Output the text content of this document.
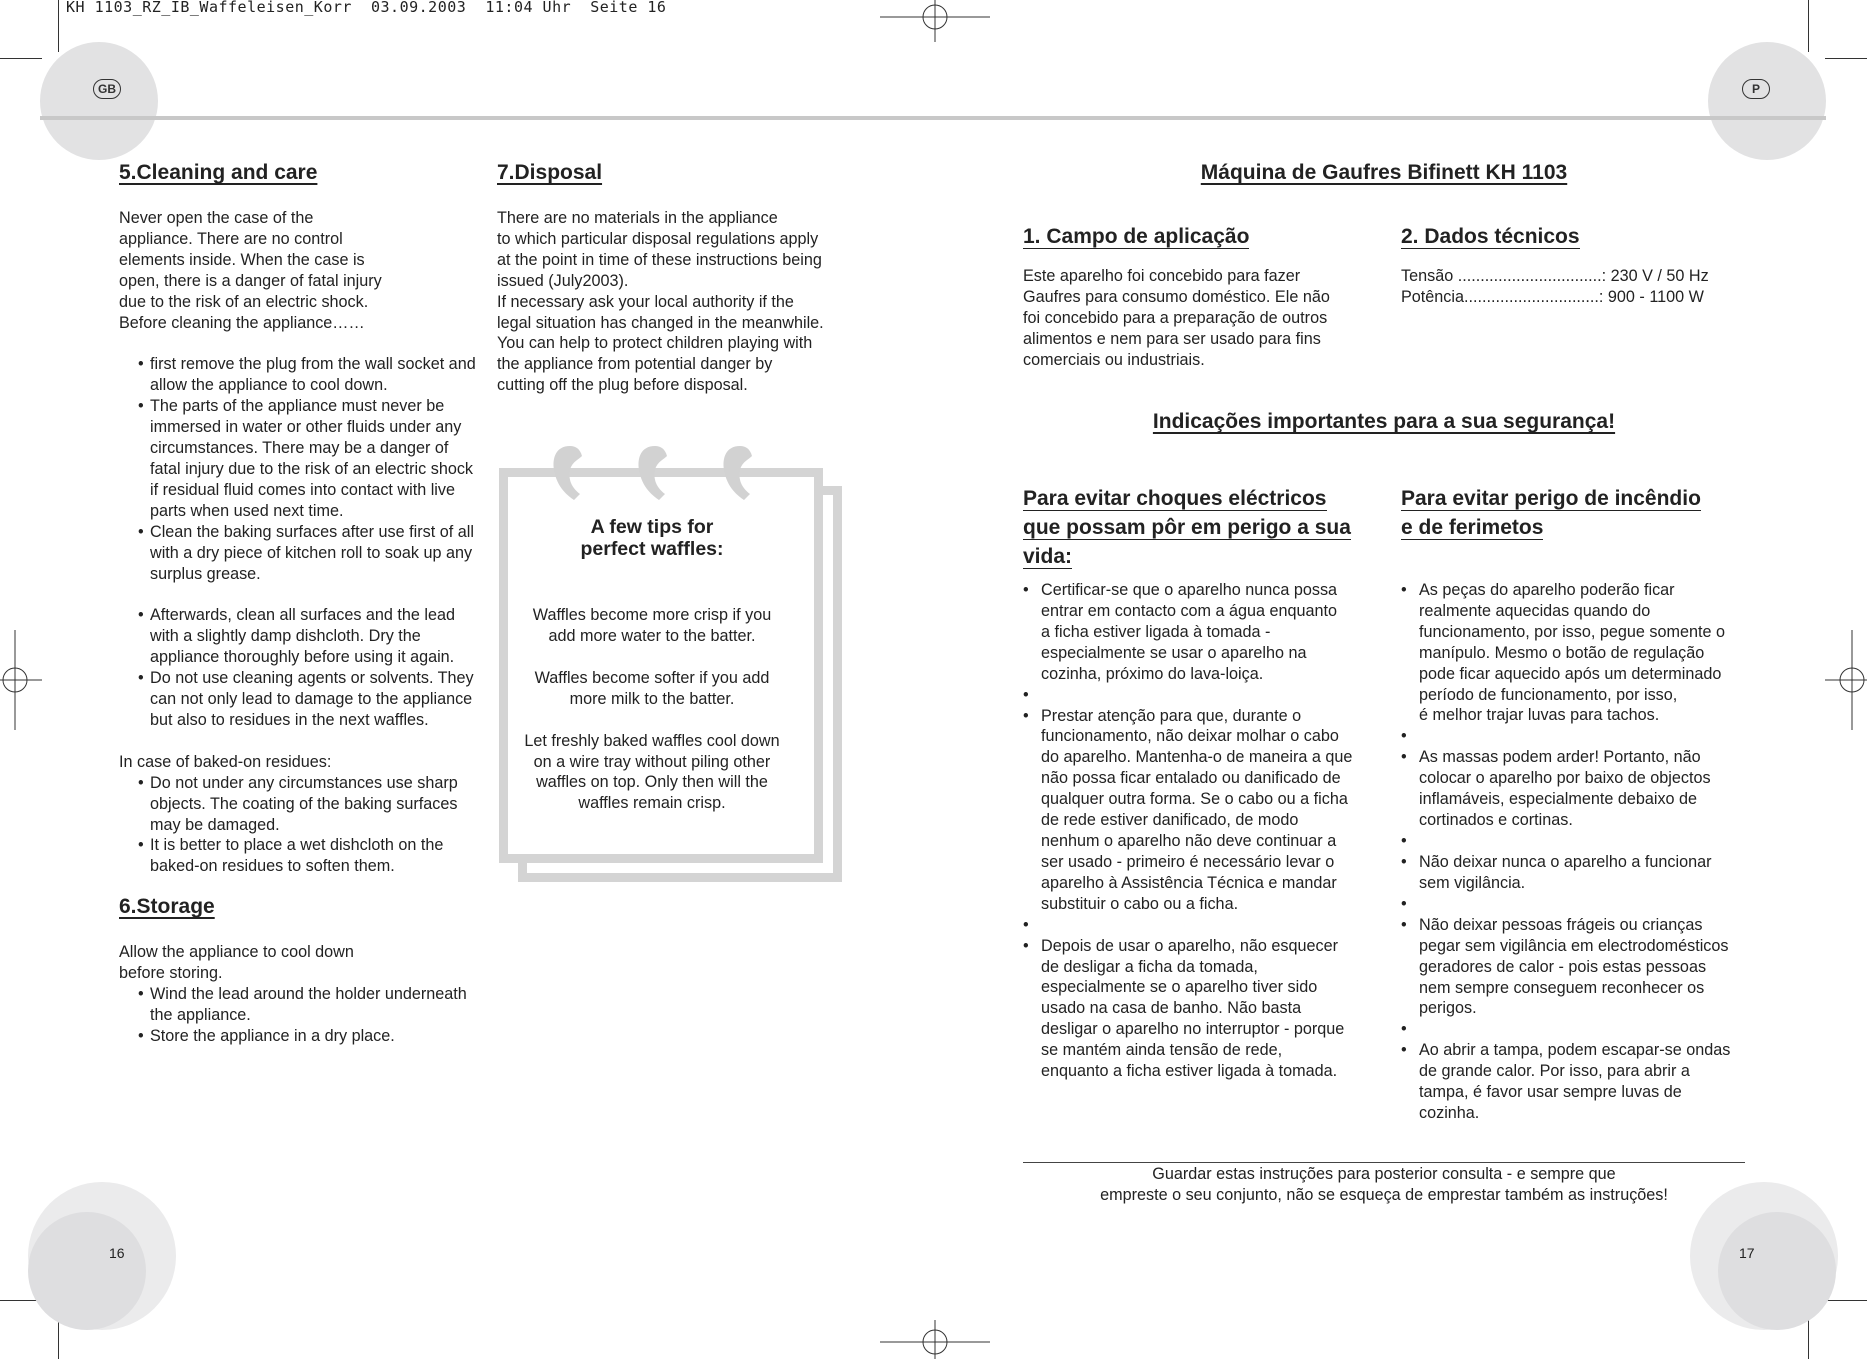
KH 1103_RZ_IB_Waffeleisen_Korr  03.09.2003  11:04 Uhr  Seite 16
GB	P
16	17
5.Cleaning and care

Never open the case of the

appliance. There are no control

elements inside. When the case is

open, there is a danger of fatal injury

due to the risk of an electric shock.

Before cleaning the appliance……

• first remove the plug from the wall socket and allow the appliance to cool down.
• The parts of the appliance must never be immersed in water or other fluids under any circumstances. There may be a danger of fatal injury due to the risk of an electric shock if residual fluid comes into contact with live parts when used next time.
• Clean the baking surfaces after use first of all with a dry piece of kitchen roll to soak up any surplus grease.
• Afterwards, clean all surfaces and the lead with a slightly damp dishcloth. Dry the appliance thoroughly before using it again.
• Do not use cleaning agents or solvents. They can not only lead to damage to the appliance but also to residues in the next waffles.

In case of baked-on residues:

• Do not under any circumstances use sharp objects. The coating of the baking surfaces may be damaged.
• It is better to place a wet dishcloth on the baked-on residues to soften them.
6.Storage

Allow the appliance to cool down

before storing.

• Wind the lead around the holder underneath the appliance.
• Store the appliance in a dry place.
7.Disposal

There are no materials in the appliance

to which particular disposal regulations apply

at the point in time of these instructions being

issued (July2003).

If necessary ask your local authority if the

legal situation has changed in the meanwhile.

You can help to protect children playing with

the appliance from potential danger by

cutting off the plug before disposal.

A few tips for
perfect waffles:
Waffles become more crisp if you
add more water to the batter.
Waffles become softer if you add
more milk to the batter.
Let freshly baked waffles cool down
on a wire tray without piling other
waffles on top. Only then will the
waffles remain crisp.
Máquina de Gaufres Bifinett KH 1103
1. Campo de aplicação

Este aparelho foi concebido para fazer

Gaufres para consumo doméstico. Ele não

foi concebido para a preparação de outros

alimentos e nem para ser usado para fins

comerciais ou industriais.

2. Dados técnicos

Tensão ................................: 230 V / 50 Hz

Potência..............................: 900 - 1100 W

Indicações importantes para a sua segurança!
Para evitar choques eléctricos
que possam pôr em perigo a sua
vida:
• Certificar-se que o aparelho nunca possa
entrar em contacto com a água enquanto
a ficha estiver ligada à tomada -
especialmente se usar o aparelho na
cozinha, próximo do lava-loiça.
•
• Prestar atenção para que, durante o
funcionamento, não deixar molhar o cabo
do aparelho. Mantenha-o de maneira a que
não possa ficar entalado ou danificado de
qualquer outra forma. Se o cabo ou a ficha
de rede estiver danificado, de modo
nenhum o aparelho não deve continuar a
ser usado - primeiro é necessário levar o
aparelho à Assistência Técnica e mandar
substituir o cabo ou a ficha.
•
• Depois de usar o aparelho, não esquecer
de desligar a ficha da tomada,
especialmente se o aparelho tiver sido
usado na casa de banho. Não basta
desligar o aparelho no interruptor - porque
se mantém ainda tensão de rede,
enquanto a ficha estiver ligada à tomada.
Para evitar perigo de incêndio
e de ferimetos
• As peças do aparelho poderão ficar
realmente aquecidas quando do
funcionamento, por isso, pegue somente o
manípulo. Mesmo o botão de regulação
pode ficar aquecido após um determinado
período de funcionamento, por isso,
é melhor trajar luvas para tachos.
•
• As massas podem arder! Portanto, não
colocar o aparelho por baixo de objectos
inflamáveis, especialmente debaixo de
cortinados e cortinas.
•
• Não deixar nunca o aparelho a funcionar
sem vigilância.
•
• Não deixar pessoas frágeis ou crianças
pegar sem vigilância em electrodomésticos
geradores de calor - pois estas pessoas
nem sempre conseguem reconhecer os
perigos.
•
• Ao abrir a tampa, podem escapar-se ondas
de grande calor. Por isso, para abrir a
tampa, é favor usar sempre luvas de
cozinha.
Guardar estas instruções para posterior consulta - e sempre que
empreste o seu conjunto, não se esqueça de emprestar também as instruções!
